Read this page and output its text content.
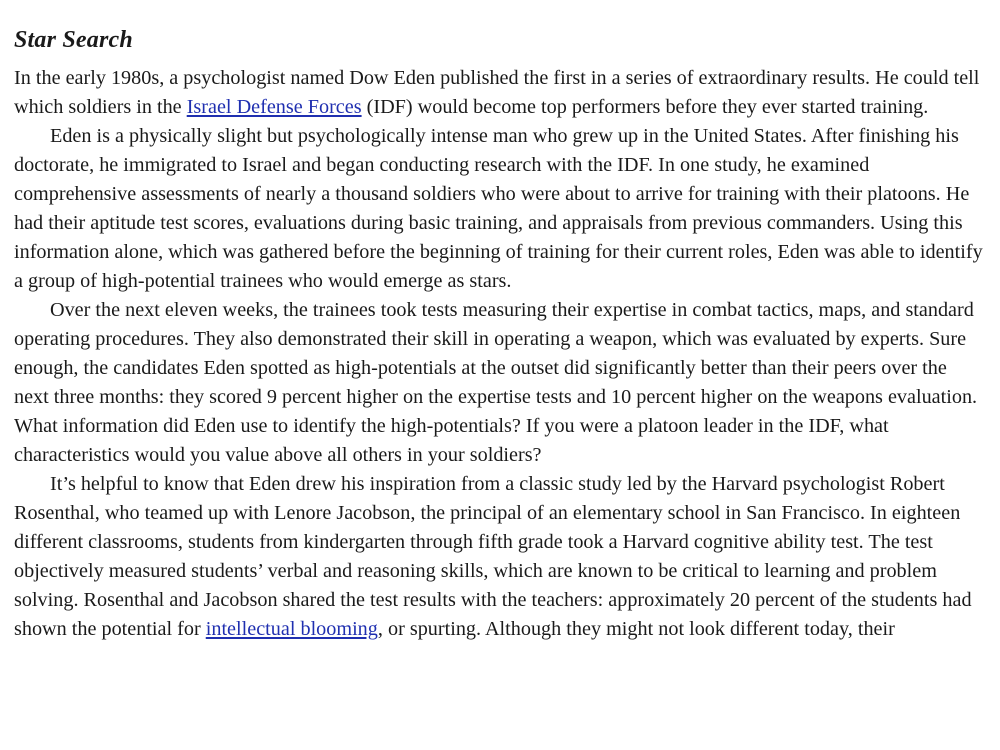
Star Search

In the early 1980s, a psychologist named Dow Eden published the first in a series of extraordinary results. He could tell which soldiers in the Israel Defense Forces (IDF) would become top performers before they ever started training.

Eden is a physically slight but psychologically intense man who grew up in the United States. After finishing his doctorate, he immigrated to Israel and began conducting research with the IDF. In one study, he examined comprehensive assessments of nearly a thousand soldiers who were about to arrive for training with their platoons. He had their aptitude test scores, evaluations during basic training, and appraisals from previous commanders. Using this information alone, which was gathered before the beginning of training for their current roles, Eden was able to identify a group of high-potential trainees who would emerge as stars.

Over the next eleven weeks, the trainees took tests measuring their expertise in combat tactics, maps, and standard operating procedures. They also demonstrated their skill in operating a weapon, which was evaluated by experts. Sure enough, the candidates Eden spotted as high-potentials at the outset did significantly better than their peers over the next three months: they scored 9 percent higher on the expertise tests and 10 percent higher on the weapons evaluation. What information did Eden use to identify the high-potentials? If you were a platoon leader in the IDF, what characteristics would you value above all others in your soldiers?

It’s helpful to know that Eden drew his inspiration from a classic study led by the Harvard psychologist Robert Rosenthal, who teamed up with Lenore Jacobson, the principal of an elementary school in San Francisco. In eighteen different classrooms, students from kindergarten through fifth grade took a Harvard cognitive ability test. The test objectively measured students’ verbal and reasoning skills, which are known to be critical to learning and problem solving. Rosenthal and Jacobson shared the test results with the teachers: approximately 20 percent of the students had shown the potential for intellectual blooming, or spurting. Although they might not look different today, their
